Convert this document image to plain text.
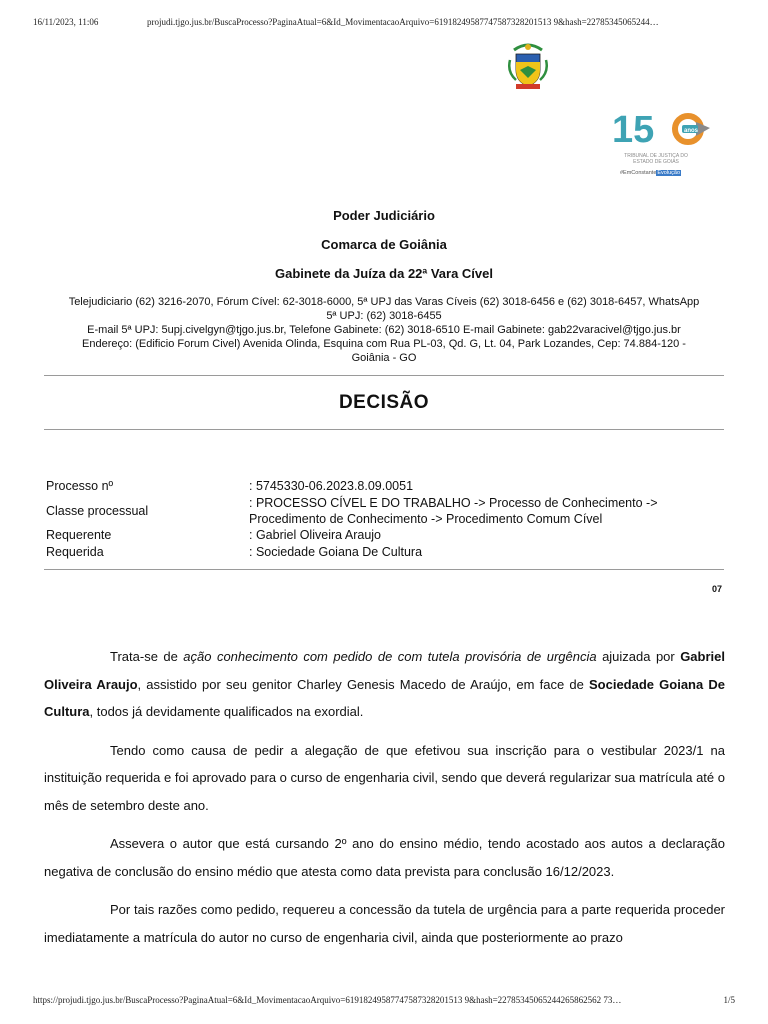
16/11/2023, 11:06	projudi.tjgo.jus.br/BuscaProcesso?PaginaAtual=6&Id_MovimentacaoArquivo=61918249587747587328201513 9&hash=22785345065244…
15	anos
TRIBUNAL DE JUSTIÇA DO
ESTADO DE GOIÁS
#EmConstanteEvolução
Poder Judiciário
Comarca de Goiânia
Gabinete da Juíza da 22ª Vara Cível
Telejudiciario (62) 3216-2070, Fórum Cível: 62-3018-6000, 5ª UPJ das Varas Cíveis (62) 3018-6456 e (62) 3018-6457, WhatsApp
5ª UPJ: (62) 3018-6455
E-mail 5ª UPJ: 5upj.civelgyn@tjgo.jus.br, Telefone Gabinete: (62) 3018-6510 E-mail Gabinete: gab22varacivel@tjgo.jus.br
Endereço: (Edificio Forum Civel) Avenida Olinda, Esquina com Rua PL-03, Qd. G, Lt. 04, Park Lozandes, Cep: 74.884-120 -
Goiânia - GO
DECISÃO
Processo nº	: 5745330-06.2023.8.09.0051
Classe processual
: PROCESSO CÍVEL E DO TRABALHO -> Processo de Conhecimento ->
Procedimento de Conhecimento -> Procedimento Comum Cível
Requerente	: Gabriel Oliveira Araujo
Requerida	: Sociedade Goiana De Cultura
07

Trata-se de ação conhecimento com pedido de com tutela provisória de urgência ajuizada por Gabriel Oliveira Araujo, assistido por seu genitor Charley Genesis Macedo de Araújo, em face de Sociedade Goiana De Cultura, todos já devidamente qualificados na exordial.

Tendo como causa de pedir a alegação de que efetivou sua inscrição para o vestibular 2023/1 na instituição requerida e foi aprovado para o curso de engenharia civil, sendo que deverá regularizar sua matrícula até o mês de setembro deste ano.

Assevera o autor que está cursando 2º ano do ensino médio, tendo acostado aos autos a declaração negativa de conclusão do ensino médio que atesta como data prevista para conclusão 16/12/2023.

Por tais razões como pedido, requereu a concessão da tutela de urgência para a parte requerida proceder imediatamente a matrícula do autor no curso de engenharia civil, ainda que posteriormente ao prazo

https://projudi.tjgo.jus.br/BuscaProcesso?PaginaAtual=6&Id_MovimentacaoArquivo=61918249587747587328201513 9&hash=22785345065244265862562 73…	1/5
